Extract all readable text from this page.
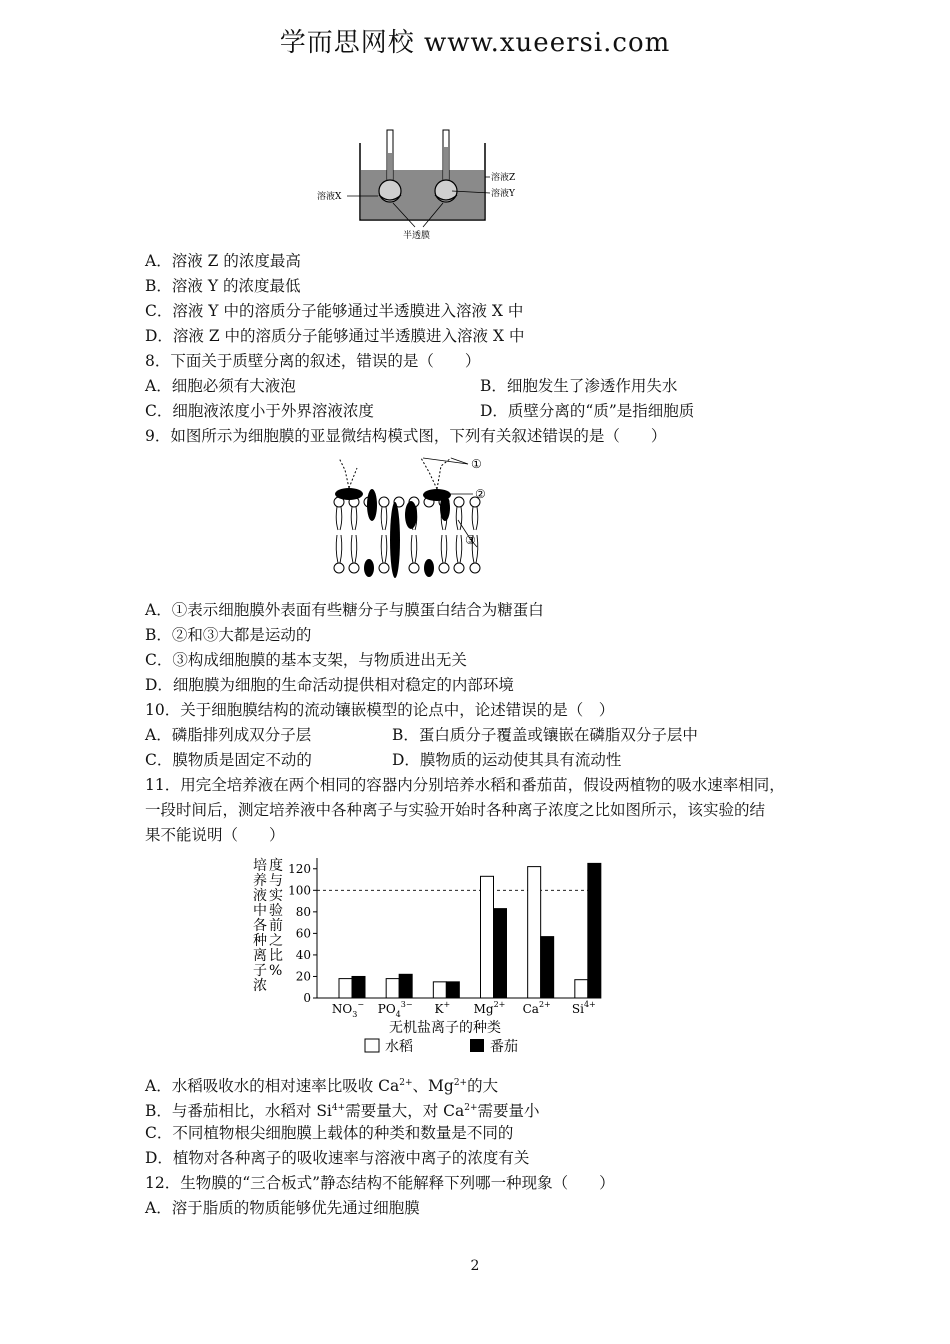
学而思网校 www.xueersi.com
溶液Z
溶液Y
溶液X
半透膜
A．溶液 Z 的浓度最高
B．溶液 Y 的浓度最低
C．溶液 Y 中的溶质分子能够通过半透膜进入溶液 X 中
D．溶液 Z 中的溶质分子能够通过半透膜进入溶液 X 中
8．下面关于质壁分离的叙述，错误的是（　　）
A．细胞必须有大液泡	B．细胞发生了渗透作用失水
C．细胞液浓度小于外界溶液浓度	D．质壁分离的“质”是指细胞质
9．如图所示为细胞膜的亚显微结构模式图，下列有关叙述错误的是（　　）
①
②
③
A．①表示细胞膜外表面有些糖分子与膜蛋白结合为糖蛋白
B．②和③大都是运动的
C．③构成细胞膜的基本支架，与物质进出无关
D．细胞膜为细胞的生命活动提供相对稳定的内部环境
10．关于细胞膜结构的流动镶嵌模型的论点中，论述错误的是（　）
A．磷脂排列成双分子层	B．蛋白质分子覆盖或镶嵌在磷脂双分子层中
C．膜物质是固定不动的	D．膜物质的运动使其具有流动性
11．用完全培养液在两个相同的容器内分别培养水稻和番茄苗，假设两植物的吸水速率相同，
一段时间后，测定培养液中各种离子与实验开始时各种离子浓度之比如图所示，该实验的结
果不能说明（　　）
培
养
液
中
各
种
离
子
浓
度
与
实
验
前
之
比
%
0
20
40
60
80
100
120
$NO_3^-$ $PO_4^{3-}$ K+ $Mg^{2+}$ $Ca^{2+}$ $Si^{4+}$
无机盐离子的种类
水稻	番茄
A．水稻吸收水的相对速率比吸收 $Ca^{2+}$、$Mg^{2+}$的大
B．与番茄相比，水稻对 $Si^{4+}$需要量大，对 $Ca^{2+}$需要量小
C．不同植物根尖细胞膜上载体的种类和数量是不同的
D．植物对各种离子的吸收速率与溶液中离子的浓度有关
12．生物膜的“三合板式”静态结构不能解释下列哪一种现象（　　）
A．溶于脂质的物质能够优先通过细胞膜
2
